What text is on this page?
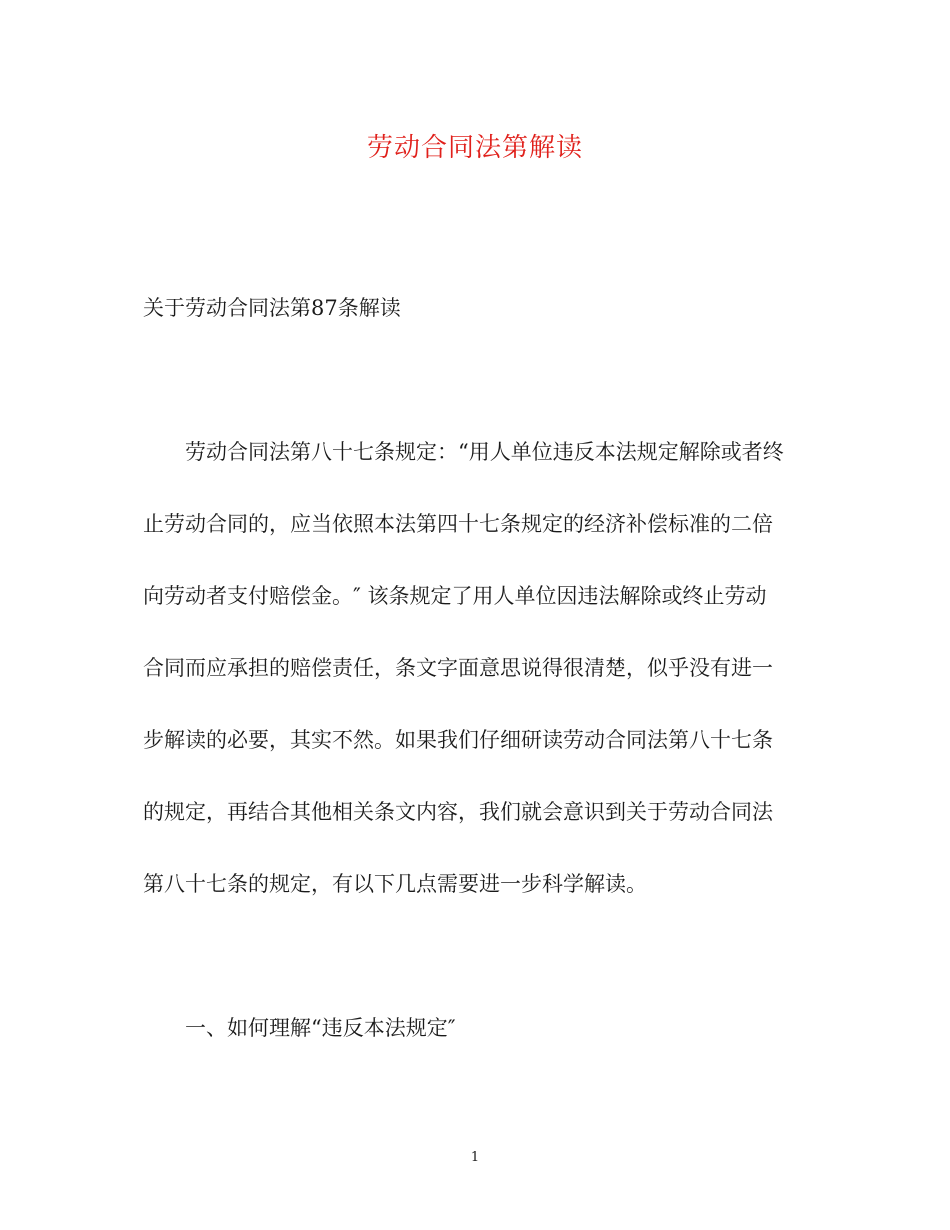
劳动合同法第解读
关于劳动合同法第87条解读
劳动合同法第八十七条规定：“用人单位违反本法规定解除或者终
止劳动合同的，应当依照本法第四十七条规定的经济补偿标准的二倍
向劳动者支付赔偿金。″ 该条规定了用人单位因违法解除或终止劳动
合同而应承担的赔偿责任，条文字面意思说得很清楚，似乎没有进一
步解读的必要，其实不然。如果我们仔细研读劳动合同法第八十七条
的规定，再结合其他相关条文内容，我们就会意识到关于劳动合同法
第八十七条的规定，有以下几点需要进一步科学解读。
一、如何理解“违反本法规定″
1
